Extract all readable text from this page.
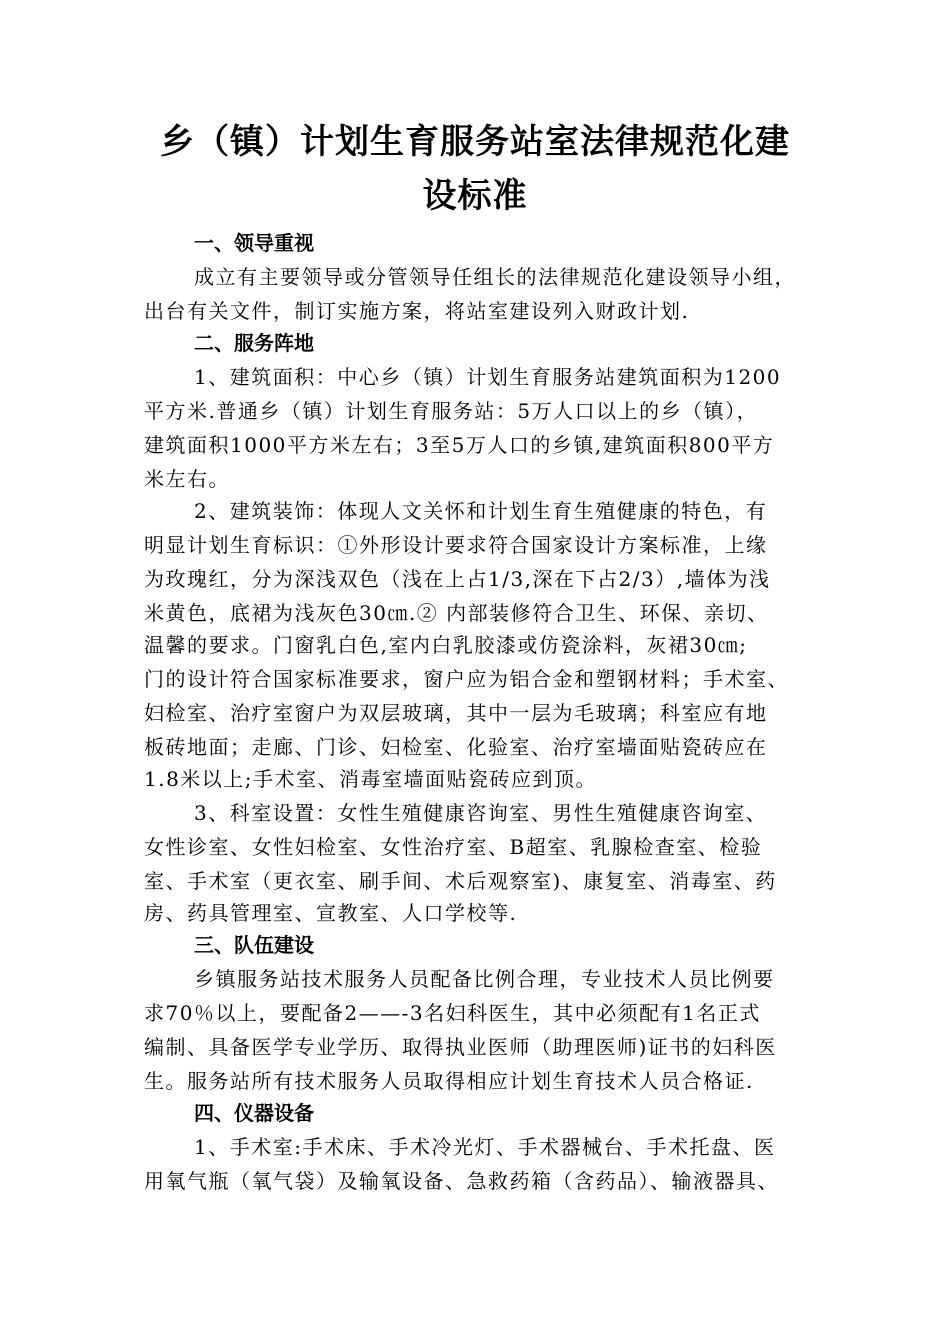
乡（镇）计划生育服务站室法律规范化建
设标准

一、领导重视

成立有主要领导或分管领导任组长的法律规范化建设领导小组，

出台有关文件，制订实施方案，将站室建设列入财政计划.

二、服务阵地

1、建筑面积：中心乡（镇）计划生育服务站建筑面积为1200

平方米.普通乡（镇）计划生育服务站：5万人口以上的乡（镇），

建筑面积1000平方米左右；3至5万人口的乡镇,建筑面积800平方

米左右。

2、建筑装饰：体现人文关怀和计划生育生殖健康的特色，有

明显计划生育标识：①外形设计要求符合国家设计方案标准，上缘

为玫瑰红，分为深浅双色（浅在上占1/3,深在下占2/3）,墙体为浅

米黄色，底裙为浅灰色30㎝.② 内部装修符合卫生、环保、亲切、

温馨的要求。门窗乳白色,室内白乳胶漆或仿瓷涂料，灰裙30㎝;

门的设计符合国家标准要求，窗户应为铝合金和塑钢材料；手术室、

妇检室、治疗室窗户为双层玻璃，其中一层为毛玻璃；科室应有地

板砖地面；走廊、门诊、妇检室、化验室、治疗室墙面贴瓷砖应在

1.8米以上;手术室、消毒室墙面贴瓷砖应到顶。

3、科室设置：女性生殖健康咨询室、男性生殖健康咨询室、

女性诊室、女性妇检室、女性治疗室、B超室、乳腺检查室、检验

室、手术室（更衣室、刷手间、术后观察室)、康复室、消毒室、药

房、药具管理室、宣教室、人口学校等.

三、队伍建设

乡镇服务站技术服务人员配备比例合理，专业技术人员比例要

求70％以上，要配备2——-3名妇科医生，其中必须配有1名正式

编制、具备医学专业学历、取得执业医师（助理医师)证书的妇科医

生。服务站所有技术服务人员取得相应计划生育技术人员合格证.

四、仪器设备

1、手术室:手术床、手术冷光灯、手术器械台、手术托盘、医

用氧气瓶（氧气袋）及输氧设备、急救药箱（含药品）、输液器具、
